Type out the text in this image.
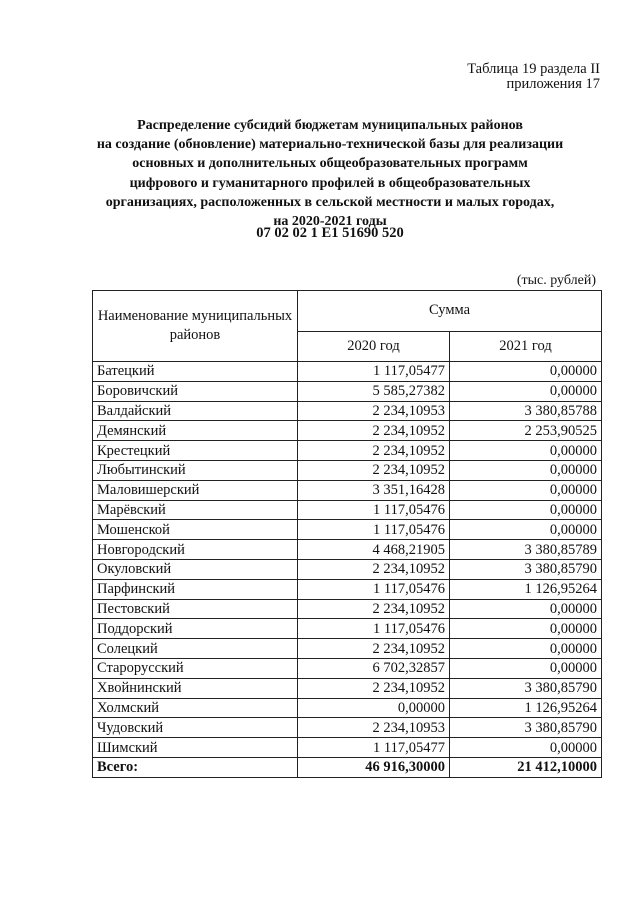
Таблица 19 раздела II
приложения 17
Распределение субсидий бюджетам муниципальных районов
на создание (обновление) материально-технической базы для реализации
основных и дополнительных общеобразовательных программ
цифрового и гуманитарного профилей в общеобразовательных
организациях, расположенных в сельской местности и малых городах,
на 2020-2021 годы
07 02 02 1 E1 51690 520
(тыс. рублей)
Наименование муниципальных районов	Сумма	
	2020 год	2021 год
Батецкий	1 117,05477	0,00000
Боровичский	5 585,27382	0,00000
Валдайский	2 234,10953	3 380,85788
Демянский	2 234,10952	2 253,90525
Крестецкий	2 234,10952	0,00000
Любытинский	2 234,10952	0,00000
Маловишерский	3 351,16428	0,00000
Марёвский	1 117,05476	0,00000
Мошенской	1 117,05476	0,00000
Новгородский	4 468,21905	3 380,85789
Окуловский	2 234,10952	3 380,85790
Парфинский	1 117,05476	1 126,95264
Пестовский	2 234,10952	0,00000
Поддорский	1 117,05476	0,00000
Солецкий	2 234,10952	0,00000
Старорусский	6 702,32857	0,00000
Хвойнинский	2 234,10952	3 380,85790
Холмский	0,00000	1 126,95264
Чудовский	2 234,10953	3 380,85790
Шимский	1 117,05477	0,00000
Всего:	46 916,30000	21 412,10000
